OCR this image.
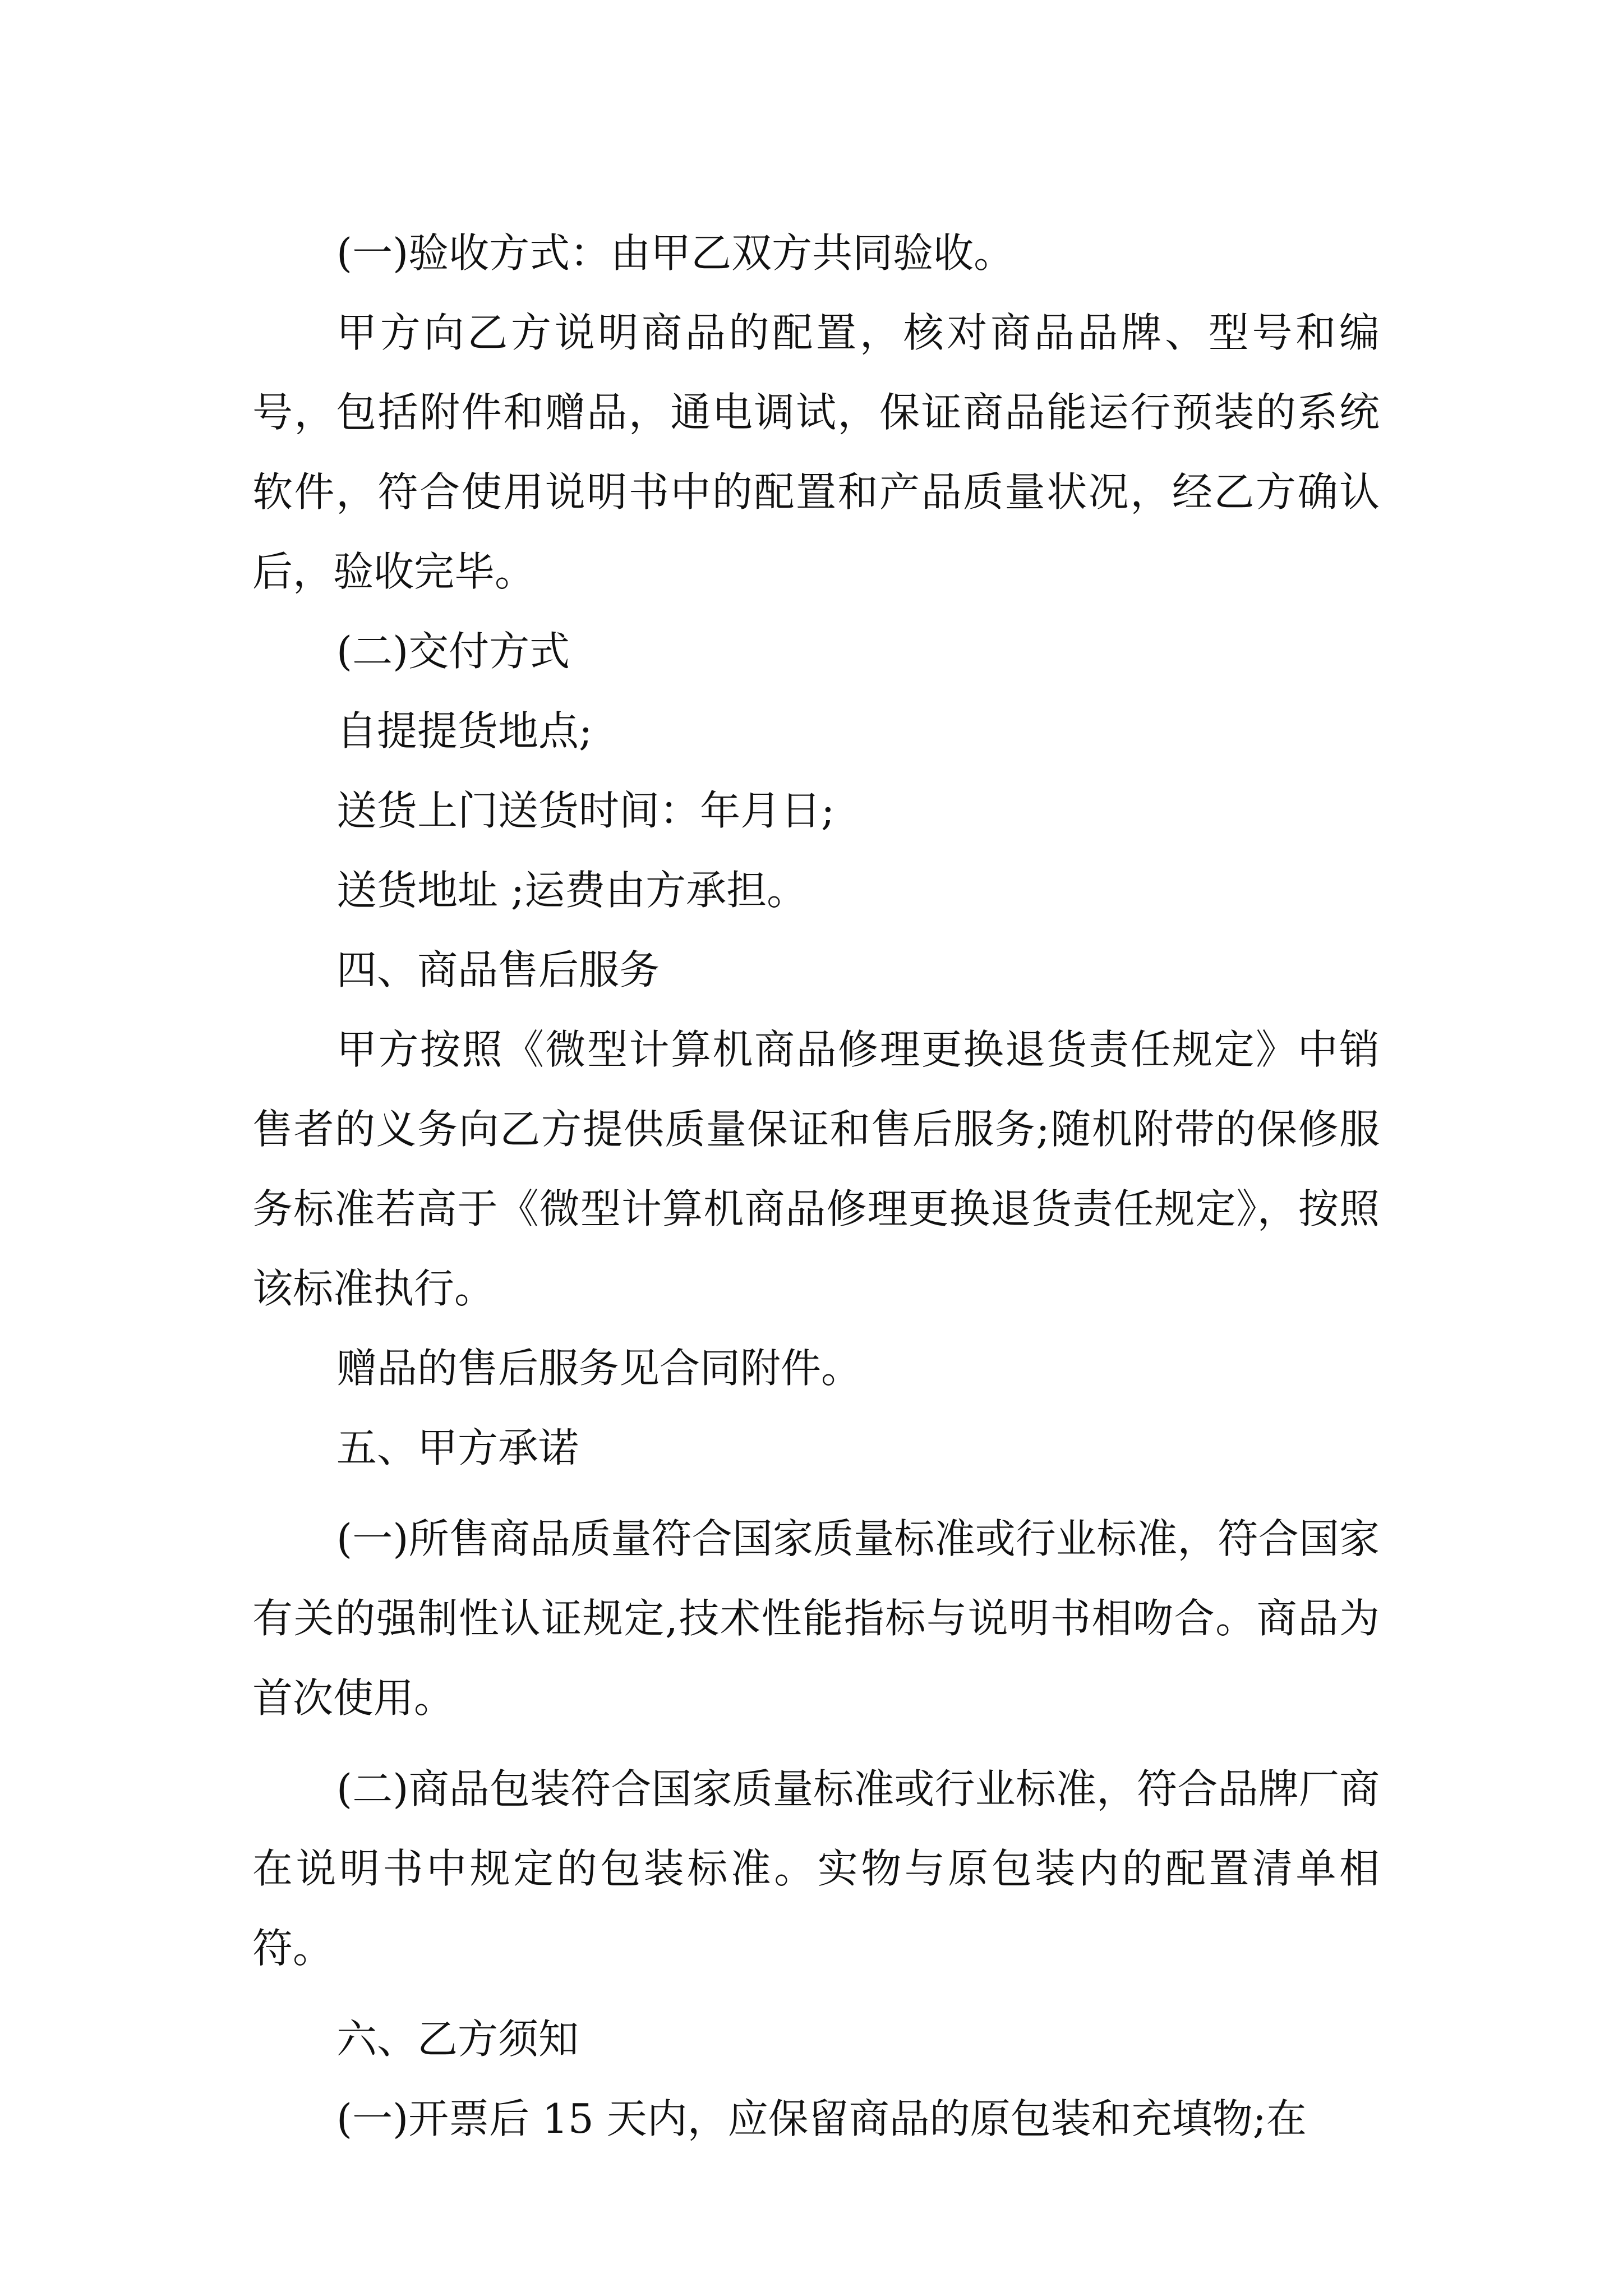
(一)验收方式：由甲乙双方共同验收。

甲方向乙方说明商品的配置，核对商品品牌、型号和编号，包括附件和赠品，通电调试，保证商品能运行预装的系统软件，符合使用说明书中的配置和产品质量状况，经乙方确认后，验收完毕。

(二)交付方式

自提提货地点;

送货上门送货时间：年月日;

送货地址 ;运费由方承担。

四、商品售后服务

甲方按照《微型计算机商品修理更换退货责任规定》中销售者的义务向乙方提供质量保证和售后服务;随机附带的保修服务标准若高于《微型计算机商品修理更换退货责任规定》，按照该标准执行。

赠品的售后服务见合同附件。

五、甲方承诺

(一)所售商品质量符合国家质量标准或行业标准，符合国家有关的强制性认证规定,技术性能指标与说明书相吻合。商品为首次使用。

(二)商品包装符合国家质量标准或行业标准，符合品牌厂商在说明书中规定的包装标准。实物与原包装内的配置清单相符。

六、乙方须知

(一)开票后 15 天内，应保留商品的原包装和充填物;在
